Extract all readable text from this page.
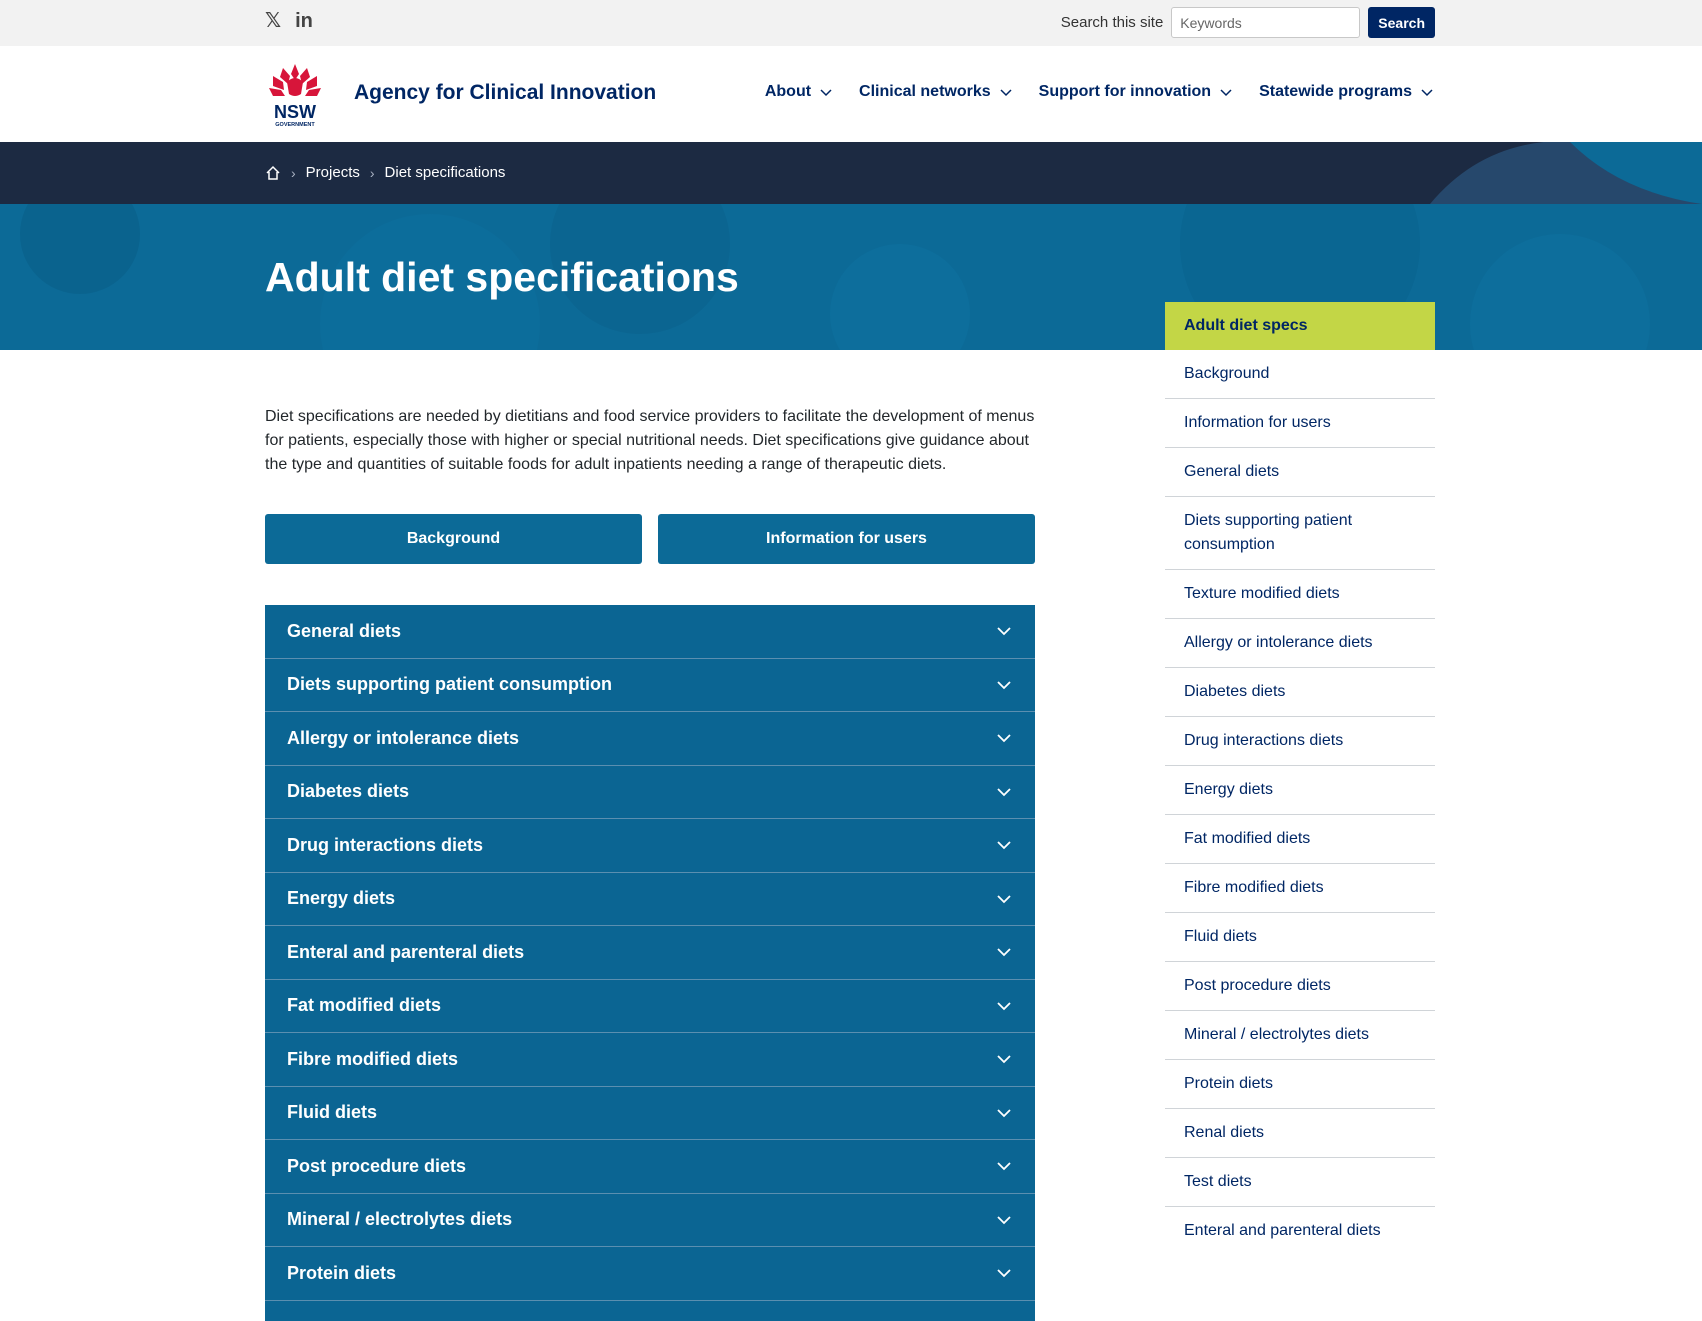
𝕏 in	Search this site
Keywords	Search
NSW
GOVERNMENT
Agency for Clinical Innovation	About	Clinical networks	Support for innovation	Statewide programs
› Projects › Diet specifications
Adult diet specifications

Diet specifications are needed by dietitians and food service providers to facilitate the development of menus for patients, especially those with higher or special nutritional needs. Diet specifications give guidance about the type and quantities of suitable foods for adult inpatients needing a range of therapeutic diets.

Background	Information for users
General diets
Diets supporting patient consumption
Allergy or intolerance diets
Diabetes diets
Drug interactions diets
Energy diets
Enteral and parenteral diets
Fat modified diets
Fibre modified diets
Fluid diets
Post procedure diets
Mineral / electrolytes diets
Protein diets
Adult diet specs
Background
Information for users
General diets
Diets supporting patient consumption
Texture modified diets
Allergy or intolerance diets
Diabetes diets
Drug interactions diets
Energy diets
Fat modified diets
Fibre modified diets
Fluid diets
Post procedure diets
Mineral / electrolytes diets
Protein diets
Renal diets
Test diets
Enteral and parenteral diets
